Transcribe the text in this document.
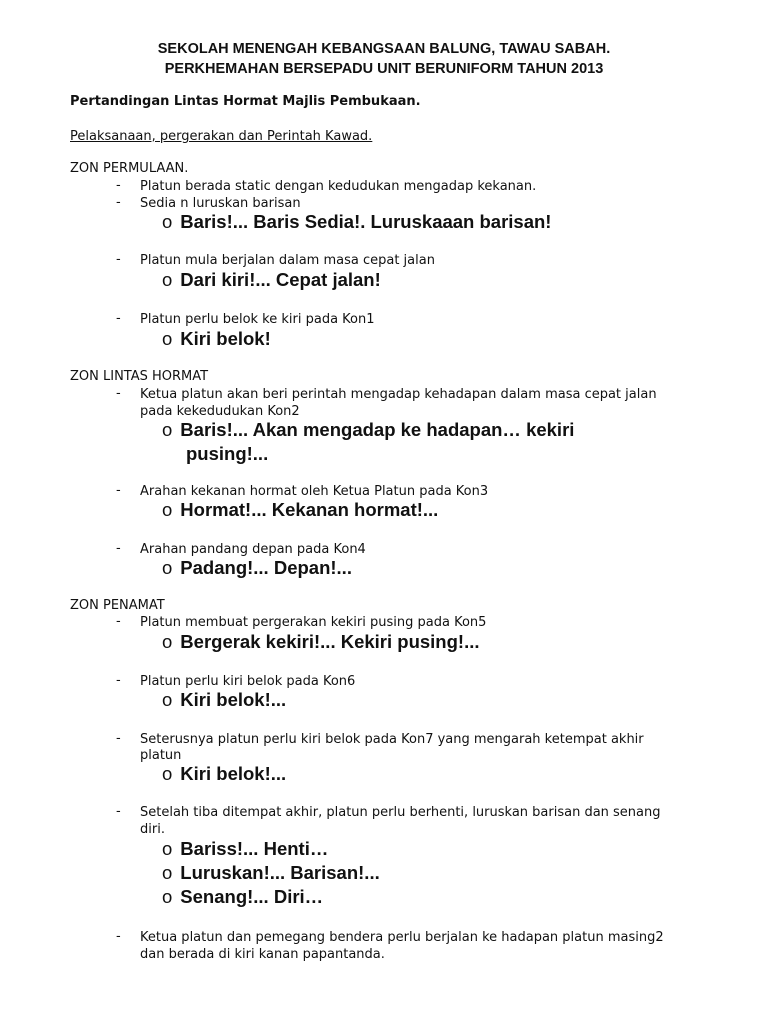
SEKOLAH MENENGAH KEBANGSAAN BALUNG, TAWAU SABAH.
PERKHEMAHAN BERSEPADU UNIT BERUNIFORM TAHUN 2013
Pertandingan Lintas Hormat Majlis Pembukaan.
Pelaksanaan, pergerakan dan Perintah Kawad.
ZON PERMULAAN.
- Platun berada static dengan kedudukan mengadap kekanan.
- Sedia n luruskan barisan
o Baris!... Baris Sedia!. Luruskaaan barisan!
- Platun mula berjalan dalam masa cepat jalan
o Dari kiri!... Cepat jalan!
- Platun perlu belok ke kiri pada Kon1
o Kiri belok!
ZON LINTAS HORMAT
- Ketua platun akan beri perintah mengadap kehadapan dalam masa cepat jalan
pada kekedudukan Kon2
o Baris!... Akan mengadap ke hadapan… kekiri
pusing!...
- Arahan kekanan hormat oleh Ketua Platun pada Kon3
o Hormat!... Kekanan hormat!...
- Arahan pandang depan pada Kon4
o Padang!... Depan!...
ZON PENAMAT
- Platun membuat pergerakan kekiri pusing pada Kon5
o Bergerak kekiri!... Kekiri pusing!...
- Platun perlu kiri belok pada Kon6
o Kiri belok!...
- Seterusnya platun perlu kiri belok pada Kon7 yang mengarah ketempat akhir
platun
o Kiri belok!...
- Setelah tiba ditempat akhir, platun perlu berhenti, luruskan barisan dan senang
diri.
o Bariss!... Henti…
o Luruskan!... Barisan!...
o Senang!... Diri…
- Ketua platun dan pemegang bendera perlu berjalan ke hadapan platun masing2
dan berada di kiri kanan papantanda.
